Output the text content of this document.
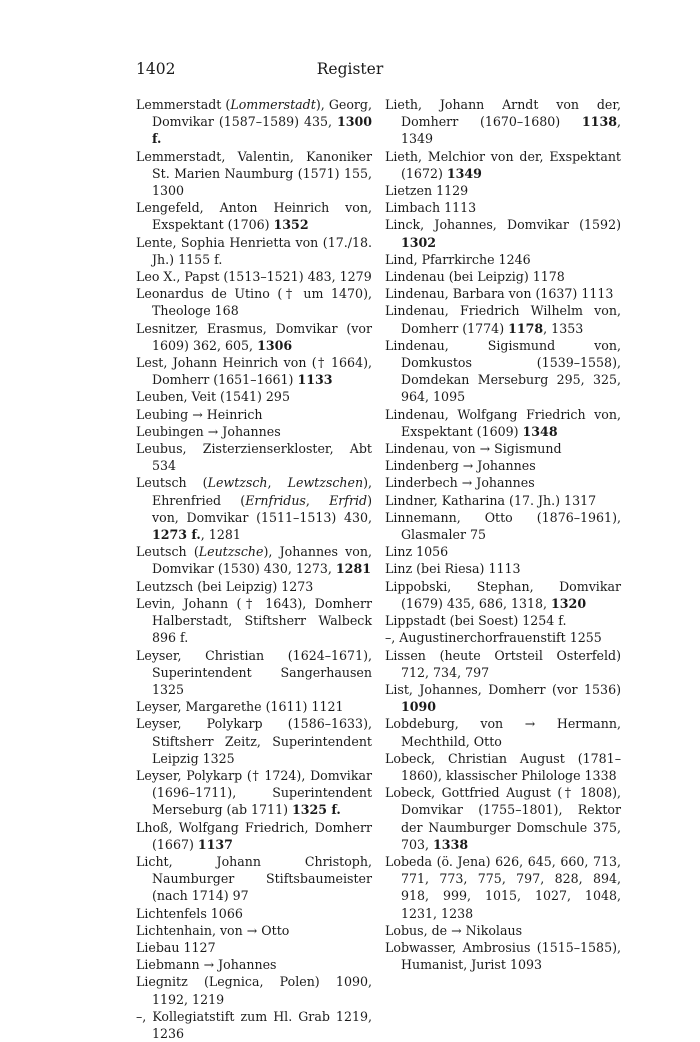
1402	Register

Lemmerstadt (Lommerstadt), Georg, Domvikar (1587–1589) 435, 1300 f.

Lemmerstadt, Valentin, Kanoniker St. Marien Naumburg (1571) 155, 1300

Lengefeld, Anton Heinrich von, Exspektant (1706) 1352

Lente, Sophia Henrietta von (17./18. Jh.) 1155 f.

Leo X., Papst (1513–1521) 483, 1279

Leonardus de Utino († um 1470), Theologe 168

Lesnitzer, Erasmus, Domvikar (vor 1609) 362, 605, 1306

Lest, Johann Heinrich von († 1664), Domherr (1651–1661) 1133

Leuben, Veit (1541) 295

Leubing → Heinrich

Leubingen → Johannes

Leubus, Zisterzienserkloster, Abt 534

Leutsch (Lewtzsch, Lewtzschen), Ehrenfried (Ernfridus, Erfrid) von, Domvikar (1511–1513) 430, 1273 f., 1281

Leutsch (Leutzsche), Johannes von, Domvikar (1530) 430, 1273, 1281

Leutzsch (bei Leipzig) 1273

Levin, Johann († 1643), Domherr Halberstadt, Stiftsherr Walbeck 896 f.

Leyser, Christian (1624–1671), Superintendent Sangerhausen 1325

Leyser, Margarethe (1611) 1121

Leyser, Polykarp (1586–1633), Stiftsherr Zeitz, Superintendent Leipzig 1325

Leyser, Polykarp († 1724), Domvikar (1696–1711), Superintendent Merseburg (ab 1711) 1325 f.

Lhoß, Wolfgang Friedrich, Domherr (1667) 1137

Licht, Johann Christoph, Naumburger Stiftsbaumeister (nach 1714) 97

Lichtenfels 1066

Lichtenhain, von → Otto

Liebau 1127

Liebmann → Johannes

Liegnitz (Legnica, Polen) 1090, 1192, 1219

–, Kollegiatstift zum Hl. Grab 1219, 1236

Lieth, Johann Arndt von der, Domherr (1670–1680) 1138, 1349

Lieth, Melchior von der, Exspektant (1672) 1349

Lietzen 1129

Limbach 1113

Linck, Johannes, Domvikar (1592) 1302

Lind, Pfarrkirche 1246

Lindenau (bei Leipzig) 1178

Lindenau, Barbara von (1637) 1113

Lindenau, Friedrich Wilhelm von, Domherr (1774) 1178, 1353

Lindenau, Sigismund von, Domkustos (1539–1558), Domdekan Merseburg 295, 325, 964, 1095

Lindenau, Wolfgang Friedrich von, Exspektant (1609) 1348

Lindenau, von → Sigismund

Lindenberg → Johannes

Linderbech → Johannes

Lindner, Katharina (17. Jh.) 1317

Linnemann, Otto (1876–1961), Glasmaler 75

Linz 1056

Linz (bei Riesa) 1113

Lippobski, Stephan, Domvikar (1679) 435, 686, 1318, 1320

Lippstadt (bei Soest) 1254 f.

–, Augustinerchorfrauenstift 1255

Lissen (heute Ortsteil Osterfeld) 712, 734, 797

List, Johannes, Domherr (vor 1536) 1090

Lobdeburg, von → Hermann, Mechthild, Otto

Lobeck, Christian August (1781–1860), klassischer Philologe 1338

Lobeck, Gottfried August († 1808), Domvikar (1755–1801), Rektor der Naumburger Domschule 375, 703, 1338

Lobeda (ö. Jena) 626, 645, 660, 713, 771, 773, 775, 797, 828, 894, 918, 999, 1015, 1027, 1048, 1231, 1238

Lobus, de → Nikolaus

Lobwasser, Ambrosius (1515–1585), Humanist, Jurist 1093
